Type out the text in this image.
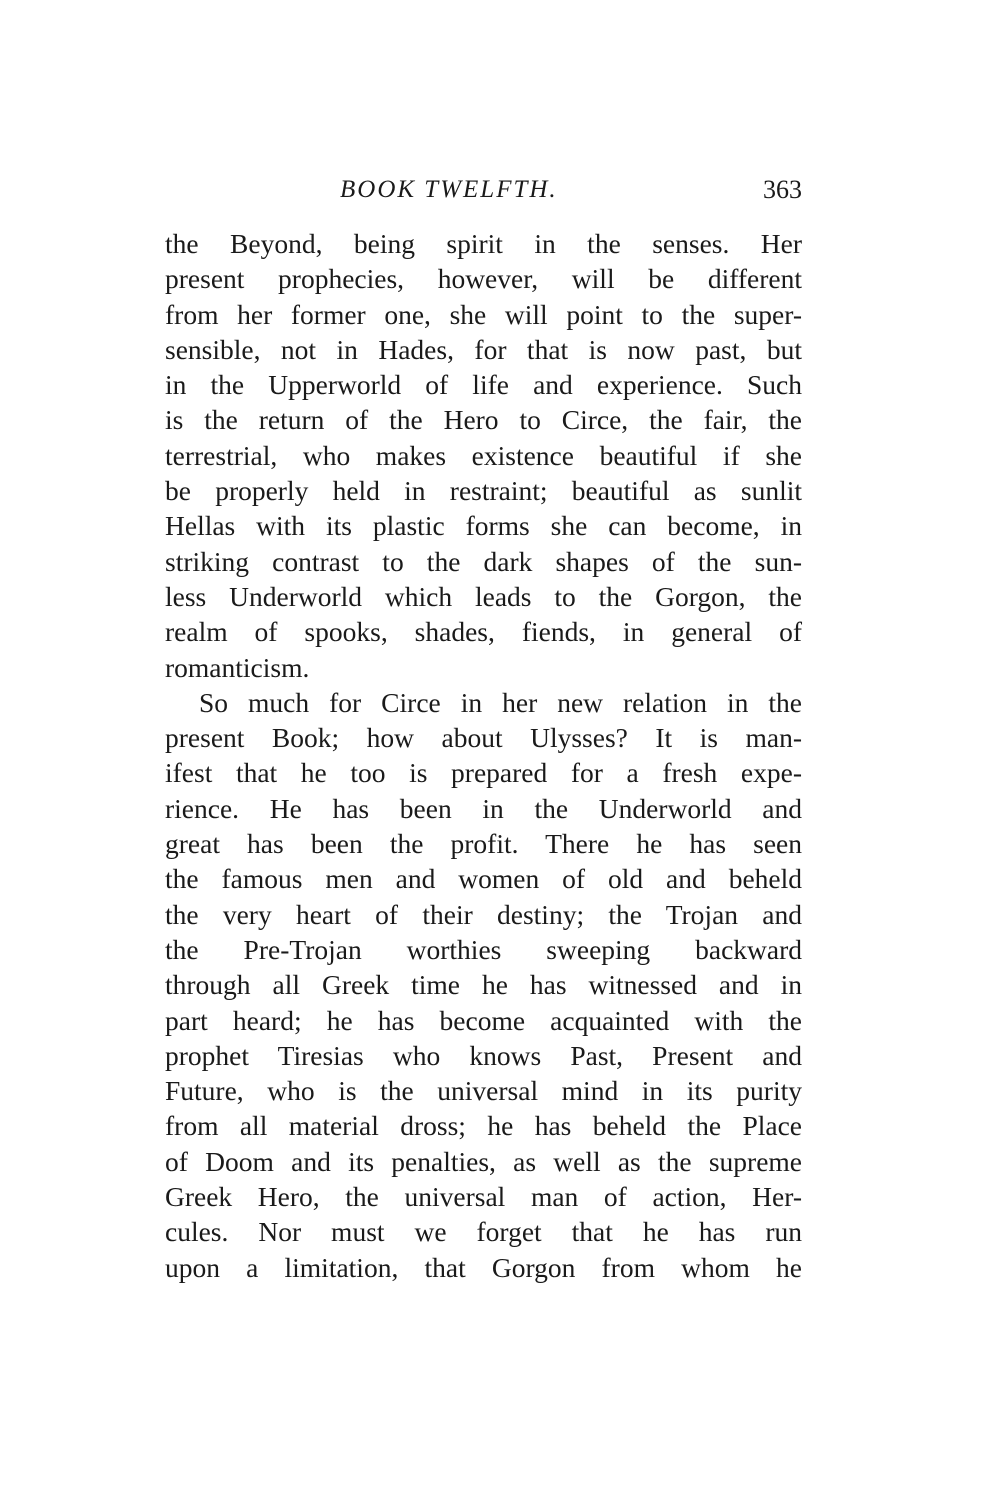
BOOK TWELFTH.	363
the Beyond, being spirit in the senses. Her
present prophecies, however, will be different
from her former one, she will point to the super-
sensible, not in Hades, for that is now past, but
in the Upperworld of life and experience. Such
is the return of the Hero to Circe, the fair, the
terrestrial, who makes existence beautiful if she
be properly held in restraint; beautiful as sunlit
Hellas with its plastic forms she can become, in
striking contrast to the dark shapes of the sun-
less Underworld which leads to the Gorgon, the
realm of spooks, shades, fiends, in general of
romanticism.
So much for Circe in her new relation in the
present Book; how about Ulysses? It is man-
ifest that he too is prepared for a fresh expe-
rience. He has been in the Underworld and
great has been the profit. There he has seen
the famous men and women of old and beheld
the very heart of their destiny; the Trojan and
the Pre-Trojan worthies sweeping backward
through all Greek time he has witnessed and in
part heard; he has become acquainted with the
prophet Tiresias who knows Past, Present and
Future, who is the universal mind in its purity
from all material dross; he has beheld the Place
of Doom and its penalties, as well as the supreme
Greek Hero, the universal man of action, Her-
cules. Nor must we forget that he has run
upon a limitation, that Gorgon from whom he
